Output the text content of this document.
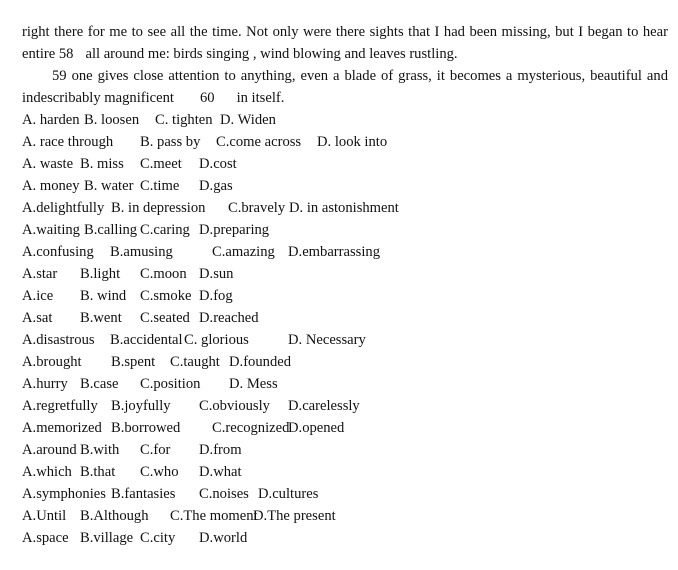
right there for me to see all the time. Not only were there sights that I had been missing, but I began to hear
entire 58 all around me: birds singing , wind blowing and leaves rustling.
59 one gives close attention to anything, even a blade of grass, it becomes a mysterious, beautiful and
indescribably magnificent 60 in itself.
A. harden B. loosen C. tighten D. Widen
A. race through B. pass by C.come across D. look into
A. waste B. miss C.meet D.cost
A. money B. water C.time D.gas
A.delightfully B. in depression C.bravely D. in astonishment
A.waiting B.calling C.caring D.preparing
A.confusing B.amusing	C.amazing D.embarrassing
A.star B.light C.moon D.sun
A.ice B. wind C.smoke D.fog
A.sat B.went C.seated D.reached
A.disastrous B.accidental C. glorious	D. Necessary
A.brought B.spent C.taught D.founded
A.hurry B.case C.position D. Mess
A.regretfully B.joyfully C.obviously D.carelessly
A.memorized B.borrowed C.recognized
D.opened
A.around B.with C.for D.from
A.which B.that C.who D.what
A.symphonies B.fantasies C.noises D.cultures
A.Until B.Although C.The moment
D.The present
A.space B.village C.city D.world
